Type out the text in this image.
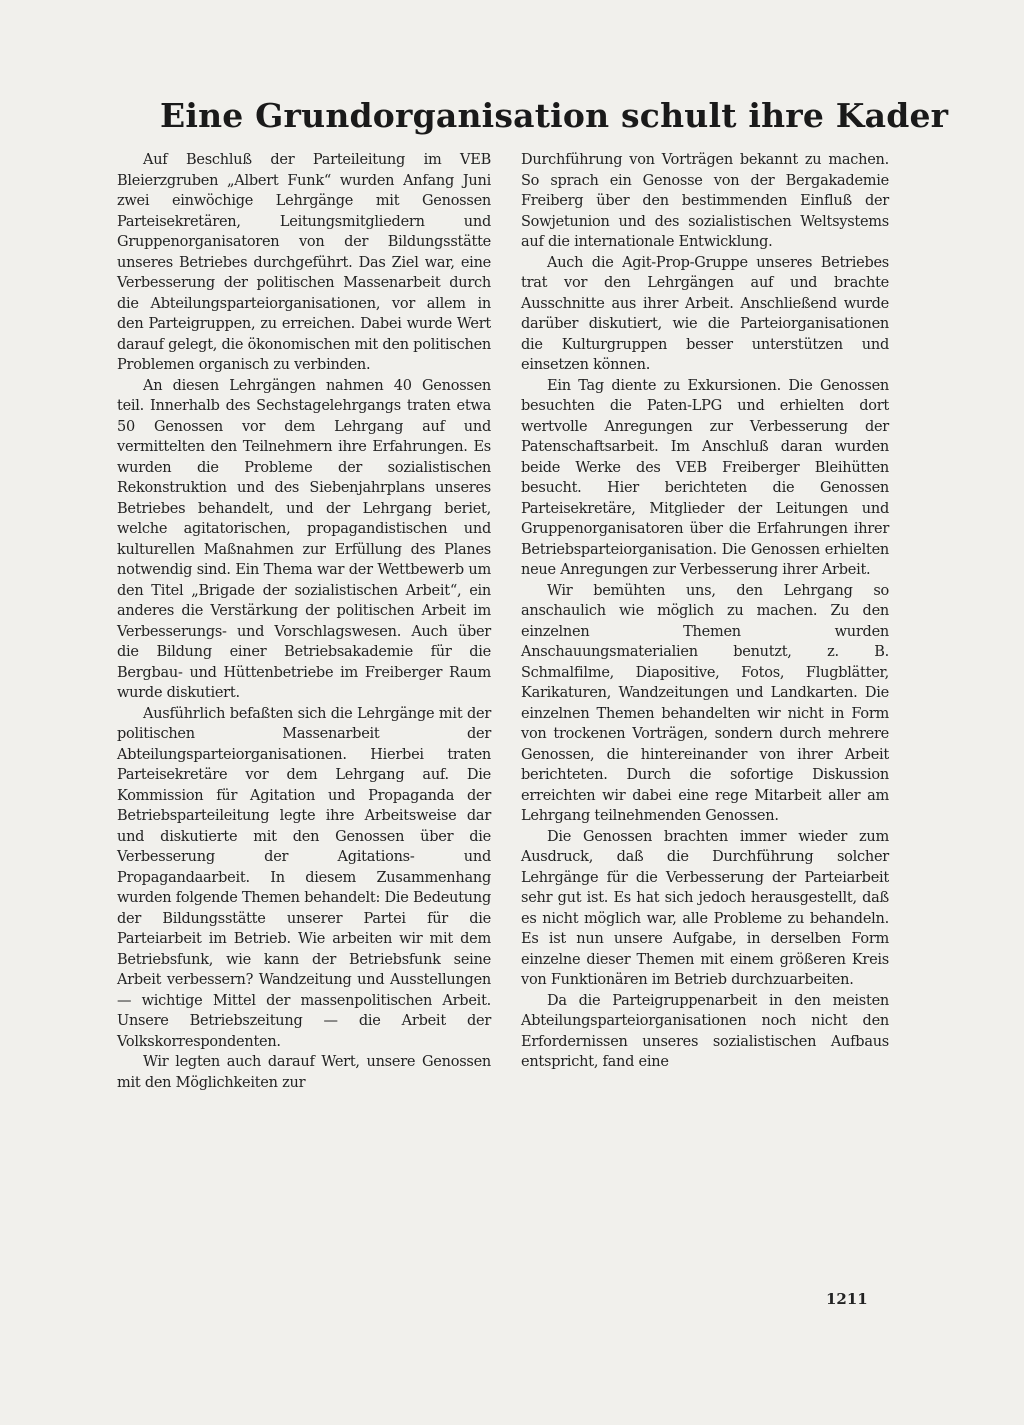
Eine Grundorganisation schult ihre Kader

Auf Beschluß der Parteileitung im VEB Bleierzgruben „Albert Funk“ wurden Anfang Juni zwei einwöchige Lehrgänge mit Genossen Parteisekretären, Leitungsmitgliedern und Gruppenorganisatoren von der Bildungsstätte unseres Betriebes durchgeführt. Das Ziel war, eine Verbesserung der politischen Massenarbeit durch die Abteilungsparteiorganisationen, vor allem in den Parteigruppen, zu erreichen. Dabei wurde Wert darauf gelegt, die ökonomischen mit den politischen Problemen organisch zu verbinden.

An diesen Lehrgängen nahmen 40 Genossen teil. Innerhalb des Sechstagelehrgangs traten etwa 50 Genossen vor dem Lehrgang auf und vermittelten den Teilnehmern ihre Erfahrungen. Es wurden die Probleme der sozialistischen Rekonstruktion und des Siebenjahrplans unseres Betriebes behandelt, und der Lehrgang beriet, welche agitatorischen, propagandistischen und kulturellen Maßnahmen zur Erfüllung des Planes notwendig sind. Ein Thema war der Wettbewerb um den Titel „Brigade der sozialistischen Arbeit“, ein anderes die Verstärkung der politischen Arbeit im Verbesserungs- und Vorschlagswesen. Auch über die Bildung einer Betriebsakademie für die Bergbau- und Hüttenbetriebe im Freiberger Raum wurde diskutiert.

Ausführlich befaßten sich die Lehrgänge mit der politischen Massenarbeit der Abteilungsparteiorganisationen. Hierbei traten Parteisekretäre vor dem Lehrgang auf. Die Kommission für Agitation und Propaganda der Betriebsparteileitung legte ihre Arbeitsweise dar und diskutierte mit den Genossen über die Verbesserung der Agitations- und Propagandaarbeit. In diesem Zusammenhang wurden folgende Themen behandelt: Die Bedeutung der Bildungsstätte unserer Partei für die Parteiarbeit im Betrieb. Wie arbeiten wir mit dem Betriebsfunk, wie kann der Betriebsfunk seine Arbeit verbessern? Wandzeitung und Ausstellungen — wichtige Mittel der massenpolitischen Arbeit. Unsere Betriebszeitung — die Arbeit der Volkskorrespondenten.

Wir legten auch darauf Wert, unsere Genossen mit den Möglichkeiten zur

Durchführung von Vorträgen bekannt zu machen. So sprach ein Genosse von der Bergakademie Freiberg über den bestimmenden Einfluß der Sowjetunion und des sozialistischen Weltsystems auf die internationale Entwicklung.

Auch die Agit-Prop-Gruppe unseres Betriebes trat vor den Lehrgängen auf und brachte Ausschnitte aus ihrer Arbeit. Anschließend wurde darüber diskutiert, wie die Parteiorganisationen die Kulturgruppen besser unterstützen und einsetzen können.

Ein Tag diente zu Exkursionen. Die Genossen besuchten die Paten-LPG und erhielten dort wertvolle Anregungen zur Verbesserung der Patenschaftsarbeit. Im Anschluß daran wurden beide Werke des VEB Freiberger Bleihütten besucht. Hier berichteten die Genossen Parteisekretäre, Mitglieder der Leitungen und Gruppenorganisatoren über die Erfahrungen ihrer Betriebsparteiorganisation. Die Genossen erhielten neue Anregungen zur Verbesserung ihrer Arbeit.

Wir bemühten uns, den Lehrgang so anschaulich wie möglich zu machen. Zu den einzelnen Themen wurden Anschauungsmaterialien benutzt, z. B. Schmalfilme, Diapositive, Fotos, Flugblätter, Karikaturen, Wandzeitungen und Landkarten. Die einzelnen Themen behandelten wir nicht in Form von trockenen Vorträgen, sondern durch mehrere Genossen, die hintereinander von ihrer Arbeit berichteten. Durch die sofortige Diskussion erreichten wir dabei eine rege Mitarbeit aller am Lehrgang teilnehmenden Genossen.

Die Genossen brachten immer wieder zum Ausdruck, daß die Durchführung solcher Lehrgänge für die Verbesserung der Parteiarbeit sehr gut ist. Es hat sich jedoch herausgestellt, daß es nicht möglich war, alle Probleme zu behandeln. Es ist nun unsere Aufgabe, in derselben Form einzelne dieser Themen mit einem größeren Kreis von Funktionären im Betrieb durchzuarbeiten.

Da die Parteigruppenarbeit in den meisten Abteilungsparteiorganisationen noch nicht den Erfordernissen unseres sozialistischen Aufbaus entspricht, fand eine

1211
